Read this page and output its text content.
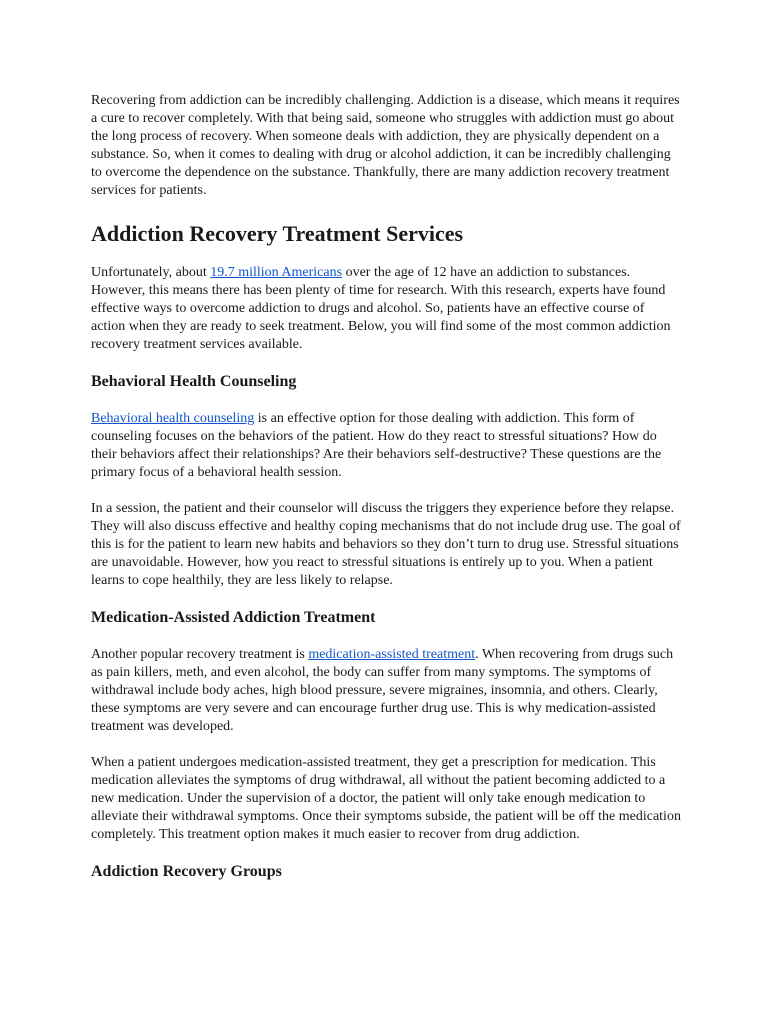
Recovering from addiction can be incredibly challenging. Addiction is a disease, which means it requires a cure to recover completely. With that being said, someone who struggles with addiction must go about the long process of recovery. When someone deals with addiction, they are physically dependent on a substance. So, when it comes to dealing with drug or alcohol addiction, it can be incredibly challenging to overcome the dependence on the substance. Thankfully, there are many addiction recovery treatment services for patients.

Addiction Recovery Treatment Services

Unfortunately, about 19.7 million Americans over the age of 12 have an addiction to substances. However, this means there has been plenty of time for research. With this research, experts have found effective ways to overcome addiction to drugs and alcohol. So, patients have an effective course of action when they are ready to seek treatment. Below, you will find some of the most common addiction recovery treatment services available.

Behavioral Health Counseling

Behavioral health counseling is an effective option for those dealing with addiction. This form of counseling focuses on the behaviors of the patient. How do they react to stressful situations? How do their behaviors affect their relationships? Are their behaviors self-destructive? These questions are the primary focus of a behavioral health session.

In a session, the patient and their counselor will discuss the triggers they experience before they relapse. They will also discuss effective and healthy coping mechanisms that do not include drug use. The goal of this is for the patient to learn new habits and behaviors so they don’t turn to drug use. Stressful situations are unavoidable. However, how you react to stressful situations is entirely up to you. When a patient learns to cope healthily, they are less likely to relapse.

Medication-Assisted Addiction Treatment

Another popular recovery treatment is medication-assisted treatment. When recovering from drugs such as pain killers, meth, and even alcohol, the body can suffer from many symptoms. The symptoms of withdrawal include body aches, high blood pressure, severe migraines, insomnia, and others. Clearly, these symptoms are very severe and can encourage further drug use. This is why medication-assisted treatment was developed.

When a patient undergoes medication-assisted treatment, they get a prescription for medication. This medication alleviates the symptoms of drug withdrawal, all without the patient becoming addicted to a new medication. Under the supervision of a doctor, the patient will only take enough medication to alleviate their withdrawal symptoms. Once their symptoms subside, the patient will be off the medication completely. This treatment option makes it much easier to recover from drug addiction.

Addiction Recovery Groups
